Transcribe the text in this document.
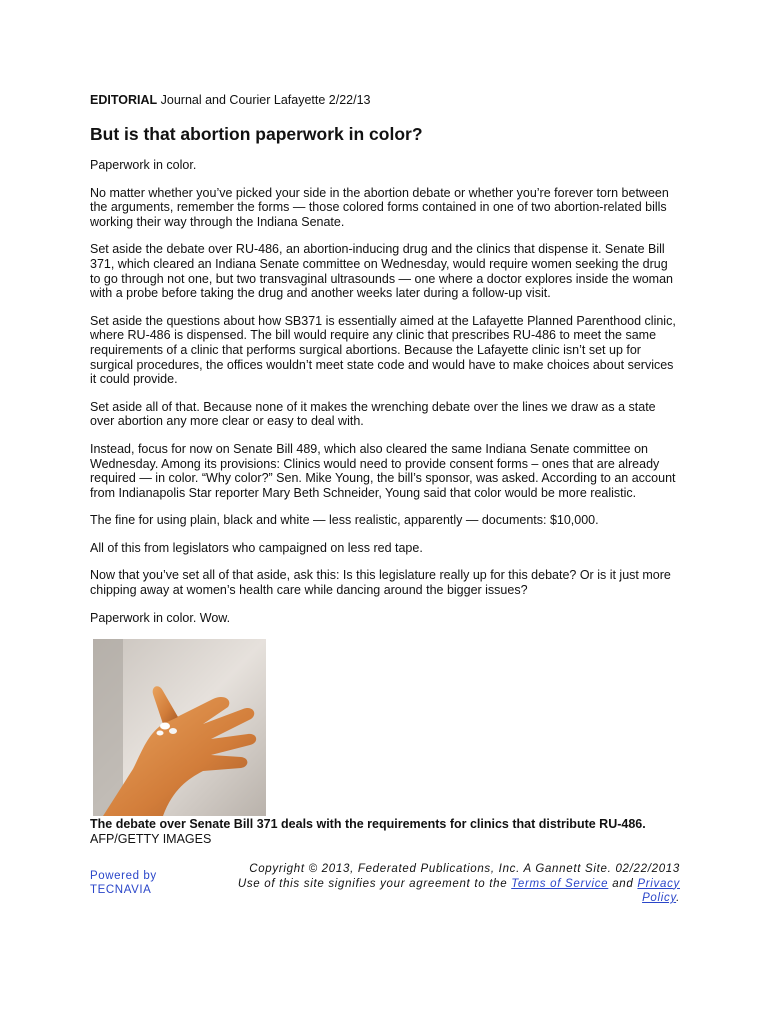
EDITORIAL Journal and Courier Lafayette 2/22/13
But is that abortion paperwork in color?

Paperwork in color.

No matter whether you’ve picked your side in the abortion debate or whether you’re forever torn between the arguments, remember the forms — those colored forms contained in one of two abortion-related bills working their way through the Indiana Senate.

Set aside the debate over RU-486, an abortion-inducing drug and the clinics that dispense it. Senate Bill 371, which cleared an Indiana Senate committee on Wednesday, would require women seeking the drug to go through not one, but two transvaginal ultrasounds — one where a doctor explores inside the woman with a probe before taking the drug and another weeks later during a follow-up visit.

Set aside the questions about how SB371 is essentially aimed at the Lafayette Planned Parenthood clinic, where RU-486 is dispensed. The bill would require any clinic that prescribes RU-486 to meet the same requirements of a clinic that performs surgical abortions. Because the Lafayette clinic isn’t set up for surgical procedures, the offices wouldn’t meet state code and would have to make choices about services it could provide.

Set aside all of that. Because none of it makes the wrenching debate over the lines we draw as a state over abortion any more clear or easy to deal with.

Instead, focus for now on Senate Bill 489, which also cleared the same Indiana Senate committee on Wednesday. Among its provisions: Clinics would need to provide consent forms – ones that are already required — in color. “Why color?” Sen. Mike Young, the bill’s sponsor, was asked. According to an account from Indianapolis Star reporter Mary Beth Schneider, Young said that color would be more realistic.

The fine for using plain, black and white — less realistic, apparently — documents: $10,000.

All of this from legislators who campaigned on less red tape.

Now that you’ve set all of that aside, ask this: Is this legislature really up for this debate? Or is it just more chipping away at women’s health care while dancing around the bigger issues?

Paperwork in color. Wow.

The debate over Senate Bill 371 deals with the requirements for clinics that distribute RU-486.
AFP/GETTY IMAGES
Powered by
TECNAVIA
Copyright © 2013, Federated Publications, Inc. A Gannett Site. 02/22/2013
Use of this site signifies your agreement to the Terms of Service and Privacy Policy.
